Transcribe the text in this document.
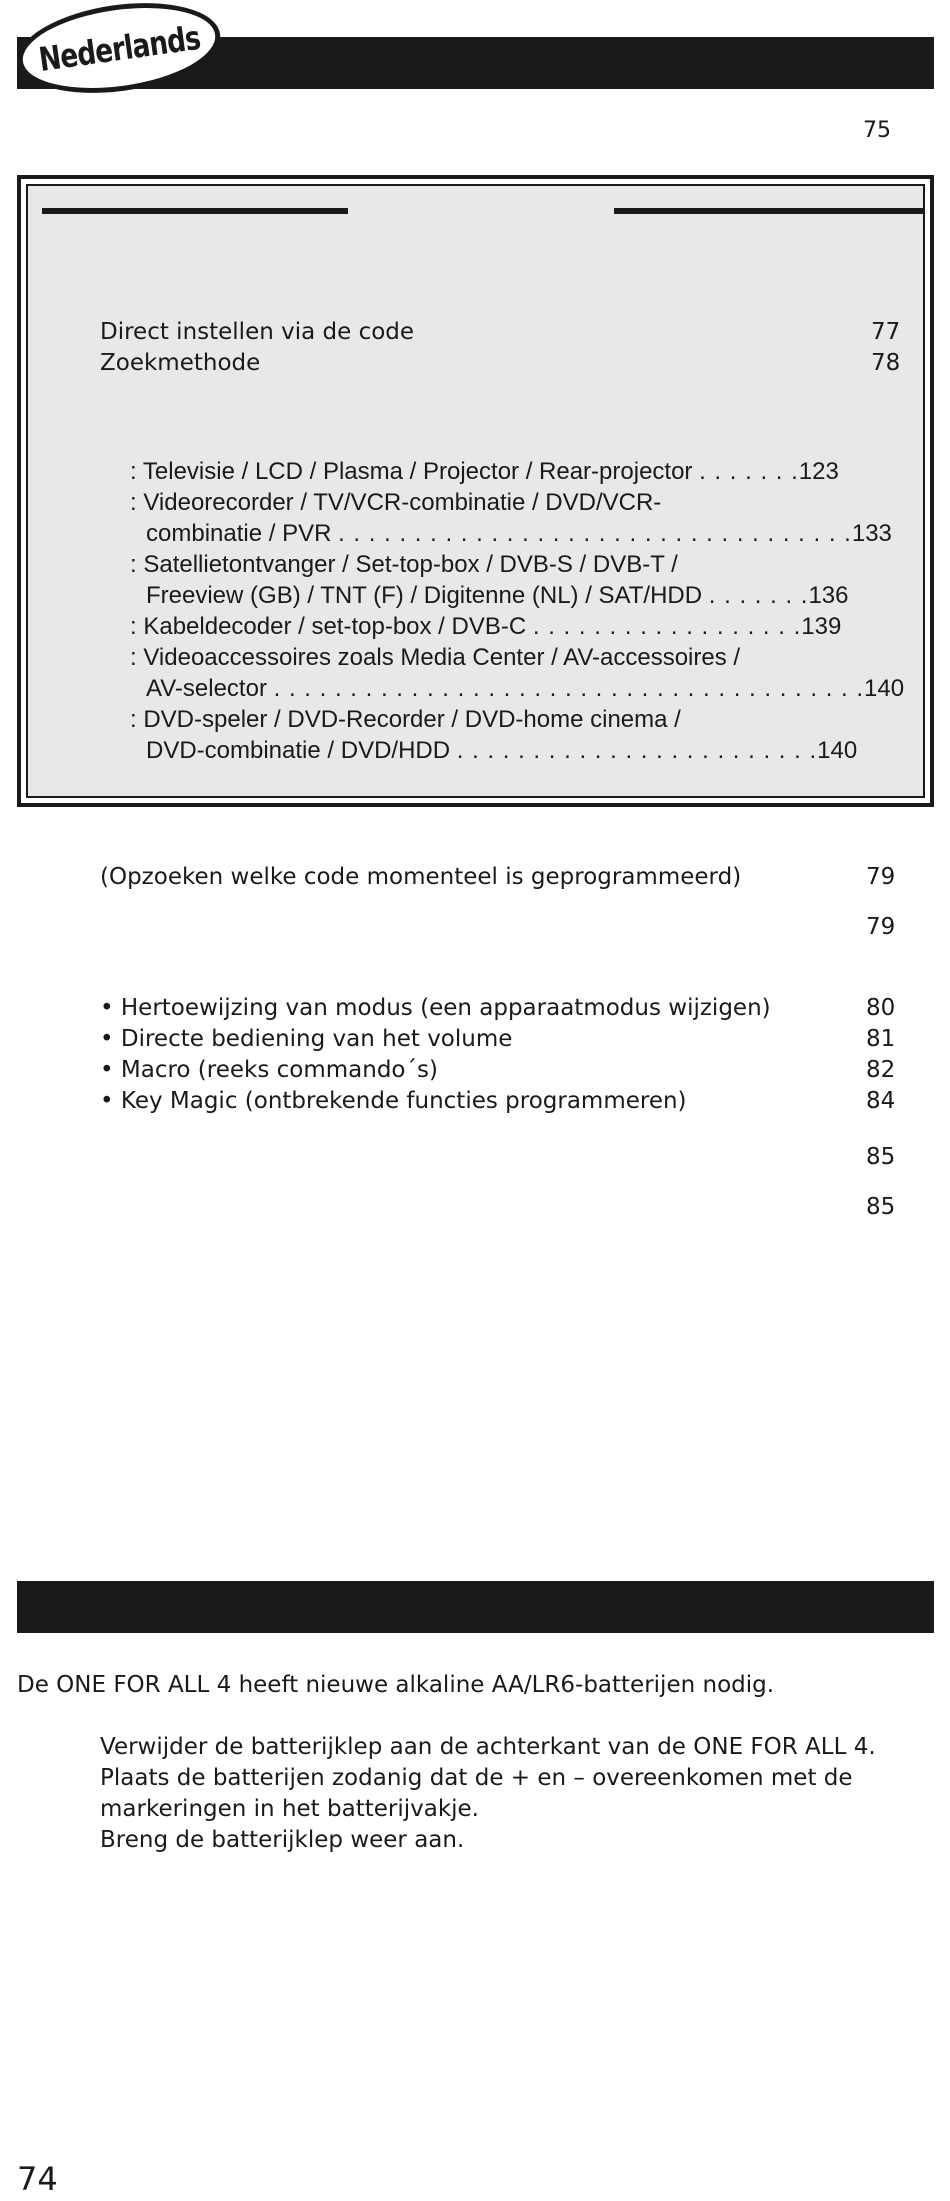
Nederlands
75
Direct instellen via de code	77
Zoekmethode	78
: Televisie / LCD / Plasma / Projector / Rear-projector . . . . . . .123
: Videorecorder / TV/VCR-combinatie / DVD/VCR-
combinatie / PVR . . . . . . . . . . . . . . . . . . . . . . . . . . . . . . . . . .133
: Satellietontvanger / Set-top-box / DVB-S / DVB-T /
Freeview (GB) / TNT (F) / Digitenne (NL) / SAT/HDD . . . . . . .136
: Kabeldecoder / set-top-box / DVB-C . . . . . . . . . . . . . . . . . .139
: Videoaccessoires zoals Media Center / AV-accessoires /
AV-selector . . . . . . . . . . . . . . . . . . . . . . . . . . . . . . . . . . . . . . .140
: DVD-speler / DVD-Recorder / DVD-home cinema /
DVD-combinatie / DVD/HDD . . . . . . . . . . . . . . . . . . . . . . . .140
(Opzoeken welke code momenteel is geprogrammeerd)	79
79
• Hertoewijzing van modus (een apparaatmodus wijzigen)	80
• Directe bediening van het volume	81
• Macro (reeks commando´s)	82
• Key Magic (ontbrekende functies programmeren)	84
85
85
De ONE FOR ALL 4 heeft nieuwe alkaline AA/LR6-batterijen nodig.
Verwijder de batterijklep aan de achterkant van de ONE FOR ALL 4.
Plaats de batterijen zodanig dat de + en – overeenkomen met de
markeringen in het batterijvakje.
Breng de batterijklep weer aan.
74
